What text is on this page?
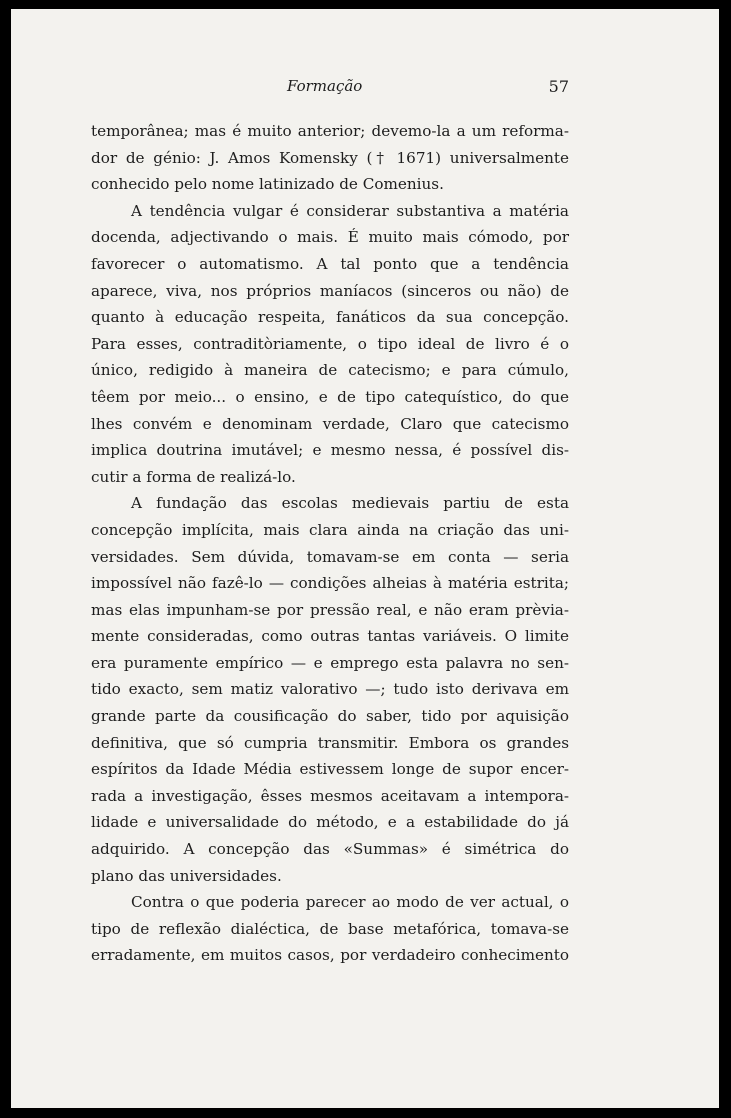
Formação	57
temporânea; mas é muito anterior; devemo-la a um reforma-
dor de génio: J. Amos Komensky († 1671) universalmente
conhecido pelo nome latinizado de Comenius.
A tendência vulgar é considerar substantiva a matéria
docenda, adjectivando o mais. É muito mais cómodo, por
favorecer o automatismo. A tal ponto que a tendência
aparece, viva, nos próprios maníacos (sinceros ou não) de
quanto à educação respeita, fanáticos da sua concepção.
Para esses, contraditòriamente, o tipo ideal de livro é o
único, redigido à maneira de catecismo; e para cúmulo,
têem por meio... o ensino, e de tipo catequístico, do que
lhes convém e denominam verdade, Claro que catecismo
implica doutrina imutável; e mesmo nessa, é possível dis-
cutir a forma de realizá-lo.
A fundação das escolas medievais partiu de esta
concepção implícita, mais clara ainda na criação das uni-
versidades. Sem dúvida, tomavam-se em conta — seria
impossível não fazê-lo — condições alheias à matéria estrita;
mas elas impunham-se por pressão real, e não eram prèvia-
mente consideradas, como outras tantas variáveis. O limite
era puramente empírico — e emprego esta palavra no sen-
tido exacto, sem matiz valorativo —; tudo isto derivava em
grande parte da cousificação do saber, tido por aquisição
definitiva, que só cumpria transmitir. Embora os grandes
espíritos da Idade Média estivessem longe de supor encer-
rada a investigação, êsses mesmos aceitavam a intemporа-
lidade e universalidade do método, e a estabilidade do já
adquirido. A concepção das «Summas» é simétrica do
plano das universidades.
Contra o que poderia parecer ao modo de ver actual, o
tipo de reflexão dialéctica, de base metafórica, tomava-se
erradamente, em muitos casos, por verdadeiro conhecimento
